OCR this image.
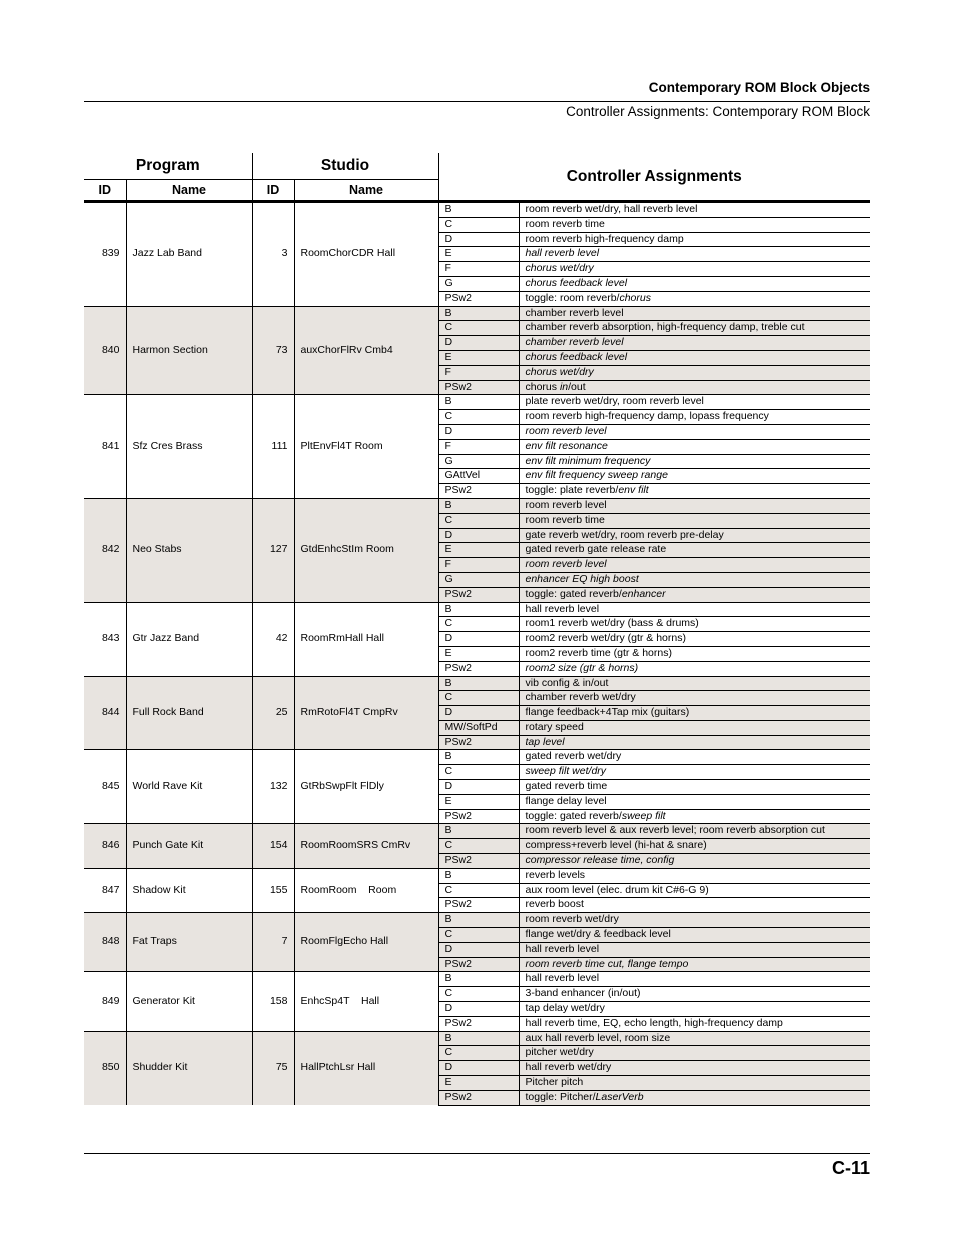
Contemporary ROM Block Objects
Controller Assignments: Contemporary ROM Block
Program		Studio		Controller Assignments	
ID	Name	ID	Name		
839	Jazz Lab Band	3	RoomChorCDR Hall	B	room reverb wet/dry, hall reverb level
				C	room reverb time
				D	room reverb high-frequency damp
				E	hall reverb level
				F	chorus wet/dry
				G	chorus feedback level
				PSw2	toggle: room reverb/chorus
840	Harmon Section	73	auxChorFlRv Cmb4	B	chamber reverb level
				C	chamber reverb absorption, high-frequency damp, treble cut
				D	chamber reverb level
				E	chorus feedback level
				F	chorus wet/dry
				PSw2	chorus in/out
841	Sfz Cres Brass	111	PltEnvFl4T Room	B	plate reverb wet/dry, room reverb level
				C	room reverb high-frequency damp, lopass frequency
				D	room reverb level
				F	env filt resonance
				G	env filt minimum frequency
				GAttVel	env filt frequency sweep range
				PSw2	toggle: plate reverb/env filt
842	Neo Stabs	127	GtdEnhcStIm Room	B	room reverb level
				C	room reverb time
				D	gate reverb wet/dry, room reverb pre-delay
				E	gated reverb gate release rate
				F	room reverb level
				G	enhancer EQ high boost
				PSw2	toggle: gated reverb/enhancer
843	Gtr Jazz Band	42	RoomRmHall Hall	B	hall reverb level
				C	room1 reverb wet/dry (bass & drums)
				D	room2 reverb wet/dry (gtr & horns)
				E	room2 reverb time (gtr & horns)
				PSw2	room2 size (gtr & horns)
844	Full Rock Band	25	RmRotoFl4T CmpRv	B	vib config & in/out
				C	chamber reverb wet/dry
				D	flange feedback+4Tap mix (guitars)
				MW/SoftPd	rotary speed
				PSw2	tap level
845	World Rave Kit	132	GtRbSwpFlt FlDly	B	gated reverb wet/dry
				C	sweep filt wet/dry
				D	gated reverb time
				E	flange delay level
				PSw2	toggle: gated reverb/sweep filt
846	Punch Gate Kit	154	RoomRoomSRS CmRv	B	room reverb level & aux reverb level; room reverb absorption cut
				C	compress+reverb level (hi-hat & snare)
				PSw2	compressor release time, config
847	Shadow Kit	155	RoomRoom    Room	B	reverb levels
				C	aux room level (elec. drum kit C#6-G 9)
				PSw2	reverb boost
848	Fat Traps	7	RoomFlgEcho Hall	B	room reverb wet/dry
				C	flange wet/dry & feedback level
				D	hall reverb level
				PSw2	room reverb time cut, flange tempo
849	Generator Kit	158	EnhcSp4T    Hall	B	hall reverb level
				C	3-band enhancer (in/out)
				D	tap delay wet/dry
				PSw2	hall reverb time, EQ, echo length, high-frequency damp
850	Shudder Kit	75	HallPtchLsr Hall	B	aux hall reverb level, room size
				C	pitcher wet/dry
				D	hall reverb wet/dry
				E	Pitcher pitch
				PSw2	toggle: Pitcher/LaserVerb
C-11
